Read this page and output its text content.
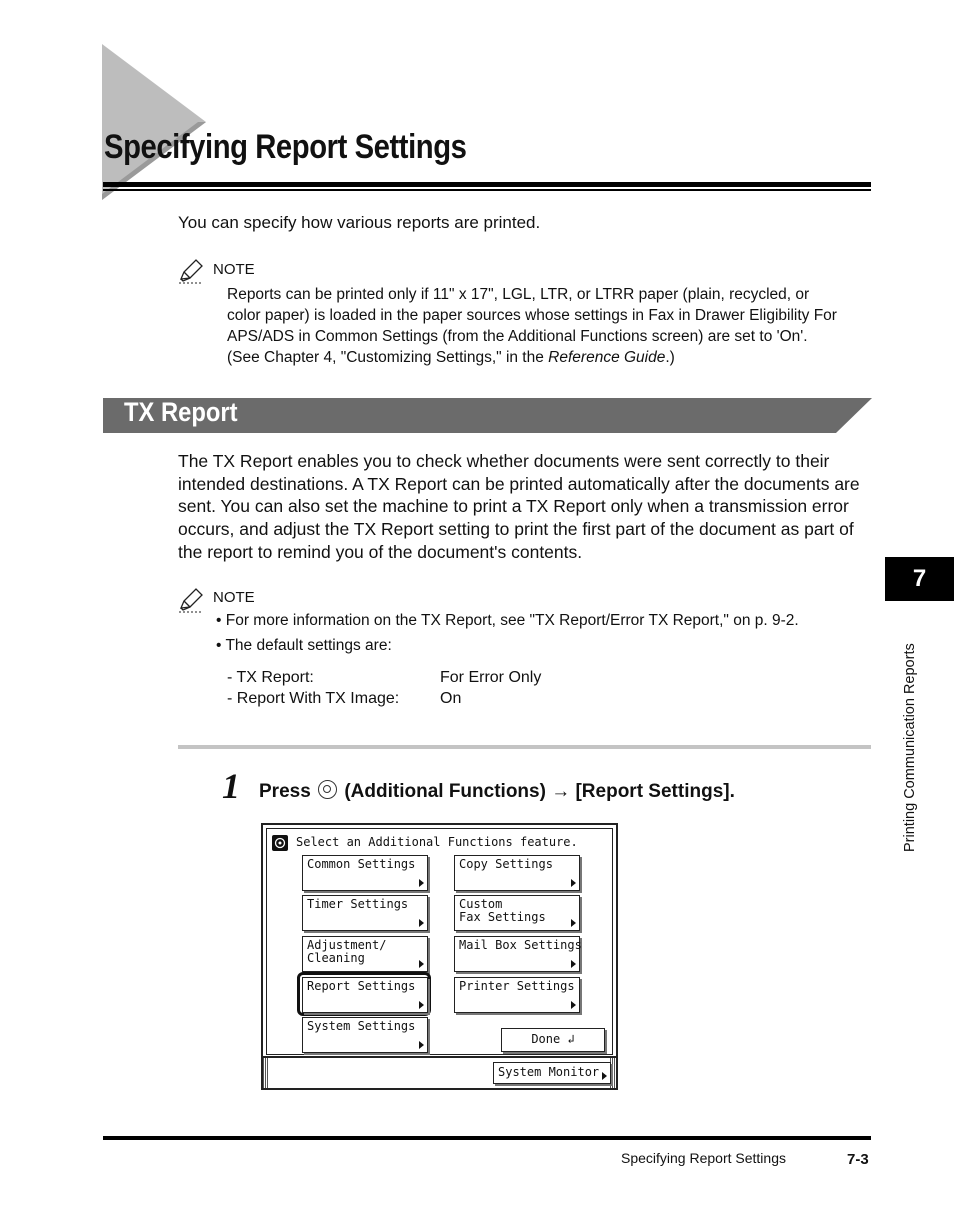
Specifying Report Settings
You can specify how various reports are printed.
NOTE
Reports can be printed only if 11" x 17", LGL, LTR, or LTRR paper (plain, recycled, or
color paper) is loaded in the paper sources whose settings in Fax in Drawer Eligibility For
APS/ADS in Common Settings (from the Additional Functions screen) are set to 'On'.
(See Chapter 4, "Customizing Settings," in the Reference Guide.)
TX Report
The TX Report enables you to check whether documents were sent correctly to their intended destinations. A TX Report can be printed automatically after the documents are sent. You can also set the machine to print a TX Report only when a transmission error occurs, and adjust the TX Report setting to print the first part of the document as part of the report to remind you of the document's contents.
NOTE
• For more information on the TX Report, see "TX Report/Error TX Report," on p. 9-2.
• The default settings are:
- TX Report:	For Error Only
- Report With TX Image:	On
1 Press (Additional Functions) → [Report Settings].
Select an Additional Functions feature.
Common Settings	Copy Settings
Timer Settings	Custom
Fax Settings
Adjustment/
Cleaning
Mail Box Settings
Report Settings	Printer Settings
System Settings
Done ↲
System Monitor
7
Printing Communication Reports
Specifying Report Settings	7-3
